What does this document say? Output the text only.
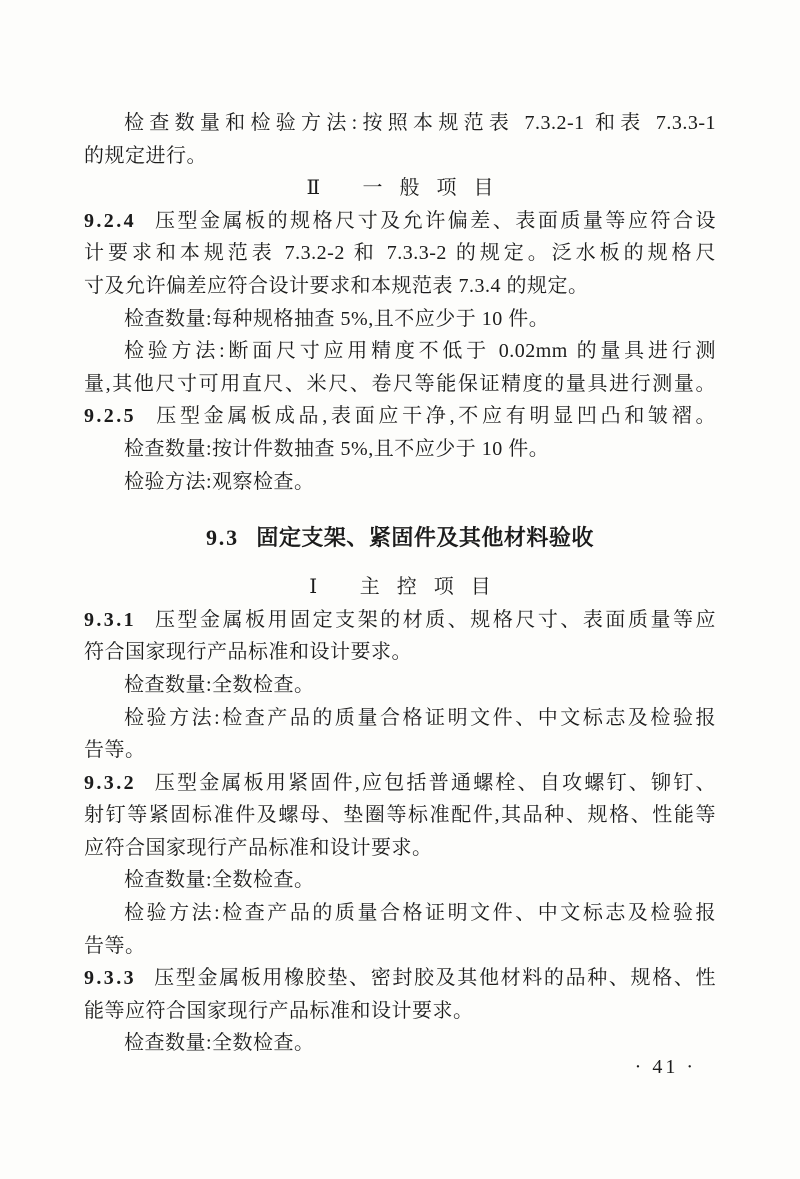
检查数量和检验方法:按照本规范表 7.3.2-1 和表 7.3.3-1

的规定进行。

Ⅱ 一般项目

9.2.4 压型金属板的规格尺寸及允许偏差、表面质量等应符合设

计要求和本规范表 7.3.2-2 和 7.3.3-2 的规定。泛水板的规格尺

寸及允许偏差应符合设计要求和本规范表 7.3.4 的规定。

检查数量:每种规格抽查 5%,且不应少于 10 件。

检验方法:断面尺寸应用精度不低于 0.02mm 的量具进行测

量,其他尺寸可用直尺、米尺、卷尺等能保证精度的量具进行测量。

9.2.5 压型金属板成品,表面应干净,不应有明显凹凸和皱褶。

检查数量:按计件数抽查 5%,且不应少于 10 件。

检验方法:观察检查。

9.3 固定支架、紧固件及其他材料验收

Ⅰ 主控项目

9.3.1 压型金属板用固定支架的材质、规格尺寸、表面质量等应

符合国家现行产品标准和设计要求。

检查数量:全数检查。

检验方法:检查产品的质量合格证明文件、中文标志及检验报

告等。

9.3.2 压型金属板用紧固件,应包括普通螺栓、自攻螺钉、铆钉、

射钉等紧固标准件及螺母、垫圈等标准配件,其品种、规格、性能等

应符合国家现行产品标准和设计要求。

检查数量:全数检查。

检验方法:检查产品的质量合格证明文件、中文标志及检验报

告等。

9.3.3 压型金属板用橡胶垫、密封胶及其他材料的品种、规格、性

能等应符合国家现行产品标准和设计要求。

检查数量:全数检查。

· 41 ·
